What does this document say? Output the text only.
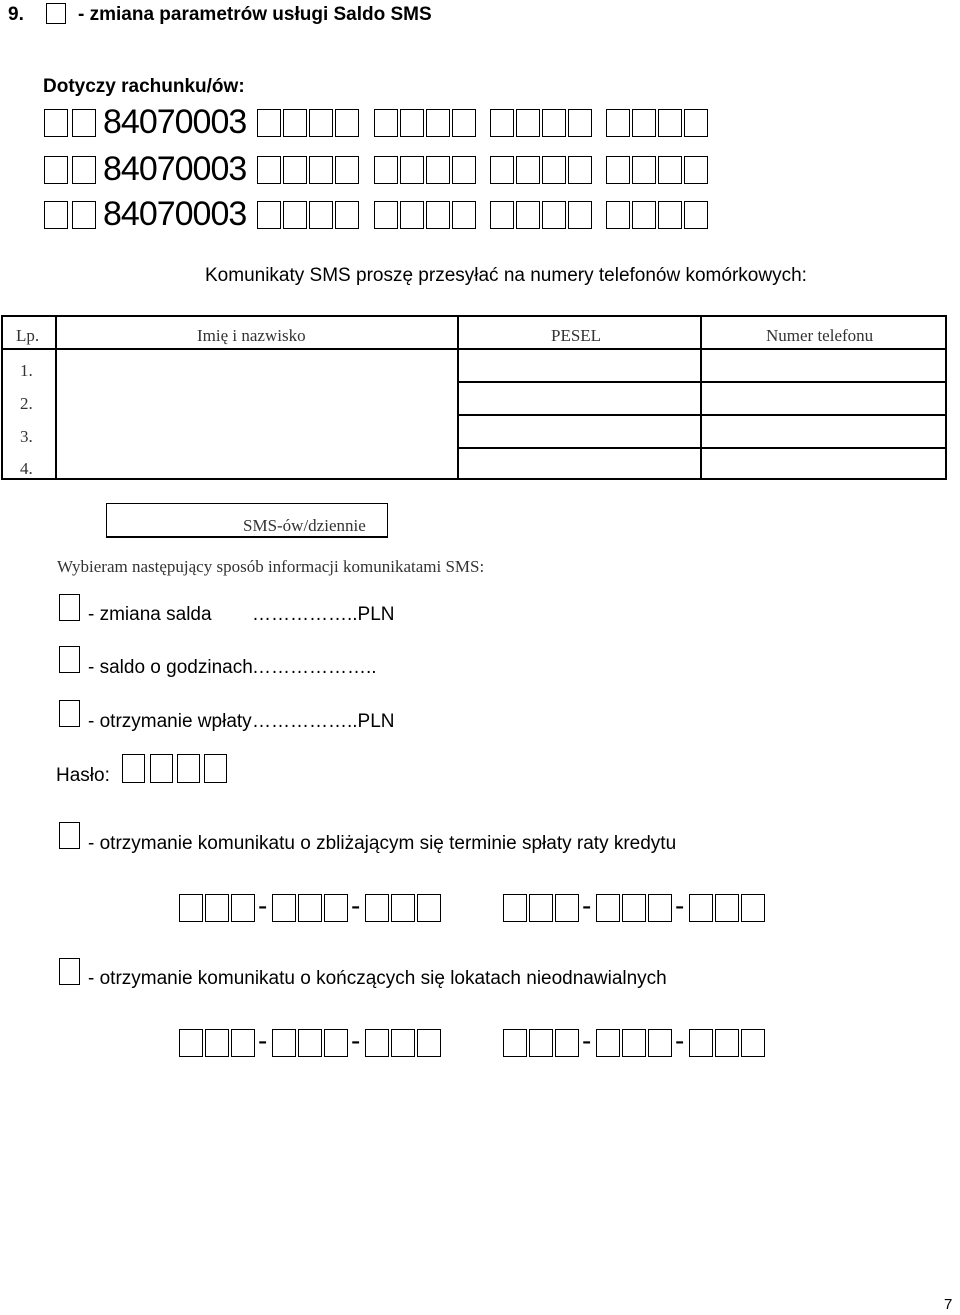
9.	- zmiana parametrów usługi Saldo SMS
Dotyczy rachunku/ów:
84070003
84070003
84070003
Komunikaty SMS proszę przesyłać na numery telefonów komórkowych:
Lp.	Imię i nazwisko	PESEL	Numer telefonu
1.
2.
3.
4.
SMS-ów/dziennie
Wybieram następujący sposób informacji komunikatami SMS:
- zmiana salda ……………..PLN
- saldo o godzinach ………………..
- otrzymanie wpłaty ……………..PLN
Hasło:
- otrzymanie komunikatu o zbliżającym się terminie spłaty raty kredytu
-	-	-	-
- otrzymanie komunikatu o kończących się lokatach nieodnawialnych
-	-	-	-
7
